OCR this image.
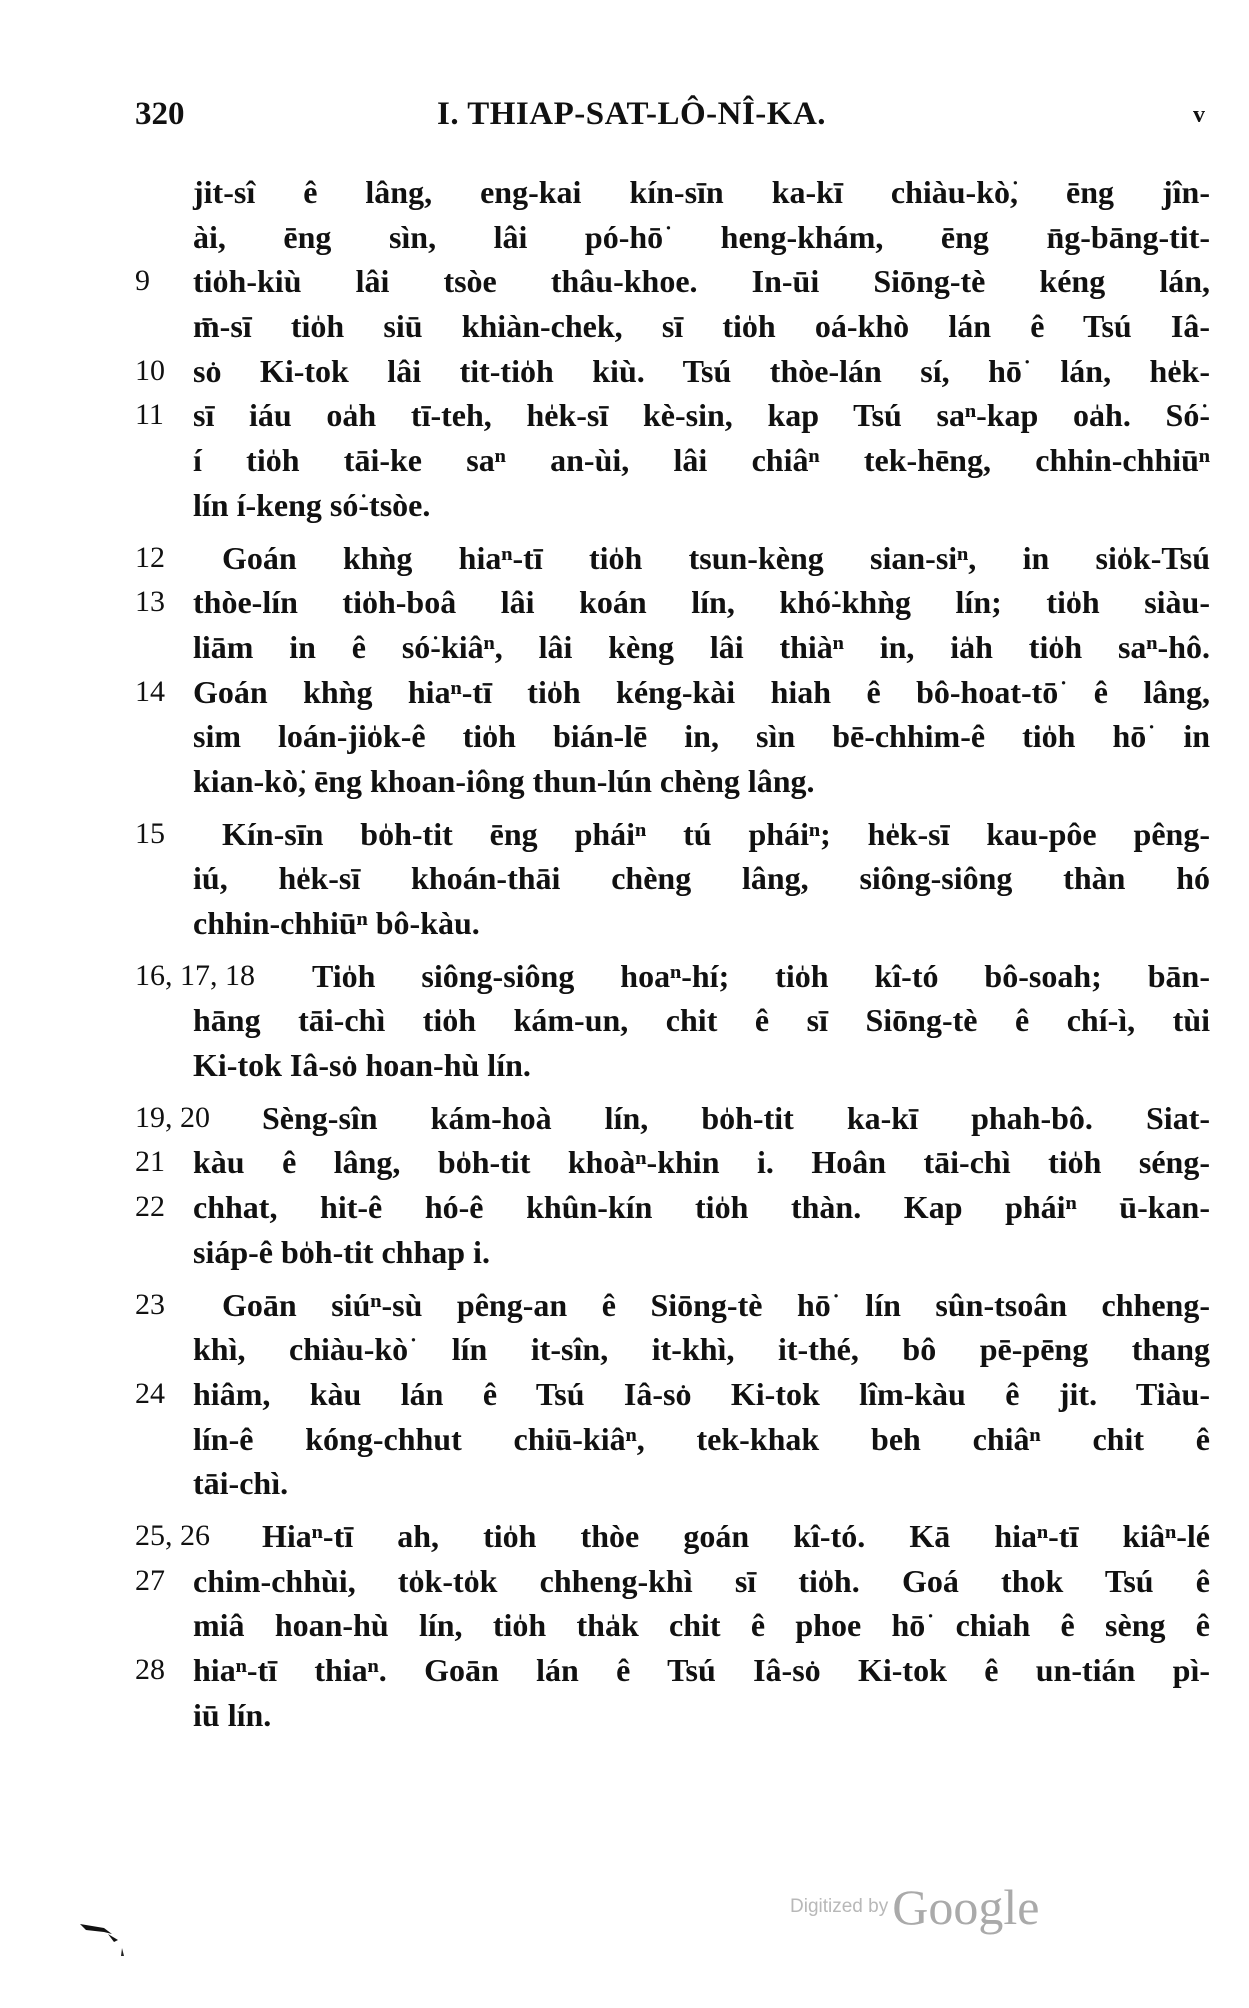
320	I. THIAP-SAT-LÔ-NÎ-KA.	v
jit-sî ê lâng, eng-kai kín-sīn ka-kī chiàu-kò͘, ēng jîn-
ài, ēng sìn, lâi pó-hō͘ heng-khám, ēng n̄g-bāng-tit-
9 tio̍h-kiù lâi tsòe thâu-khoe. In-ūi Siōng-tè kéng lán,
m̄-sī tio̍h siū khiàn-chek, sī tio̍h oá-khò lán ê Tsú Iâ-
10 so͘ Ki-tok lâi tit-tio̍h kiù. Tsú thòe-lán sí, hō͘ lán, he̍k-
11 sī iáu oa̍h tī-teh, he̍k-sī kè-sin, kap Tsú saⁿ-kap oa̍h. Só͘-
í tio̍h tāi-ke saⁿ an-ùi, lâi chiâⁿ tek-hēng, chhin-chhiūⁿ
lín í-keng só͘-tsòe.
12 Goán khǹg hiaⁿ-tī tio̍h tsun-kèng sian-siⁿ, in sio̍k-Tsú
13 thòe-lín tio̍h-boâ lâi koán lín, khó͘-khǹg lín; tio̍h siàu-
liām in ê só͘-kiâⁿ, lâi kèng lâi thiàⁿ in, ia̍h tio̍h saⁿ-hô.
14 Goán khǹg hiaⁿ-tī tio̍h kéng-kài hiah ê bô-hoat-tō͘ ê lâng,
sim loán-jio̍k-ê tio̍h bián-lē in, sìn bē-chhim-ê tio̍h hō͘ in
kian-kò͘, ēng khoan-iông thun-lún chèng lâng.
15 Kín-sīn bo̍h-tit ēng pháiⁿ tú pháiⁿ; he̍k-sī kau-pôe pêng-
iú, he̍k-sī khoán-thāi chèng lâng, siông-siông thàn hó
chhin-chhiūⁿ bô-kàu.
16, 17, 18 Tio̍h siông-siông hoaⁿ-hí; tio̍h kî-tó bô-soah; bān-
hāng tāi-chì tio̍h kám-un, chit ê sī Siōng-tè ê chí-ì, tùi
Ki-tok Iâ-so͘ hoan-hù lín.
19, 20 Sèng-sîn kám-hoà lín, bo̍h-tit ka-kī phah-bô. Siat-
21 kàu ê lâng, bo̍h-tit khoàⁿ-khin i. Hoân tāi-chì tio̍h séng-
22 chhat, hit-ê hó-ê khûn-kín tio̍h thàn. Kap pháiⁿ ū-kan-
siáp-ê bo̍h-tit chhap i.
23 Goān siúⁿ-sù pêng-an ê Siōng-tè hō͘ lín sûn-tsoân chheng-
khì, chiàu-kò͘ lín it-sîn, it-khì, it-thé, bô pē-pēng thang
24 hiâm, kàu lán ê Tsú Iâ-so͘ Ki-tok lîm-kàu ê jit. Tiàu-
lín-ê kóng-chhut chiū-kiâⁿ, tek-khak beh chiâⁿ chit ê
tāi-chì.
25, 26 Hiaⁿ-tī ah, tio̍h thòe goán kî-tó. Kā hiaⁿ-tī kiâⁿ-lé
27 chim-chhùi, to̍k-to̍k chheng-khì sī tio̍h. Goá thok Tsú ê
miâ hoan-hù lín, tio̍h tha̍k chit ê phoe hō͘ chiah ê sèng ê
28 hiaⁿ-tī thiaⁿ. Goān lán ê Tsú Iâ-so͘ Ki-tok ê un-tián pì-
iū lín.
Digitized by Google
